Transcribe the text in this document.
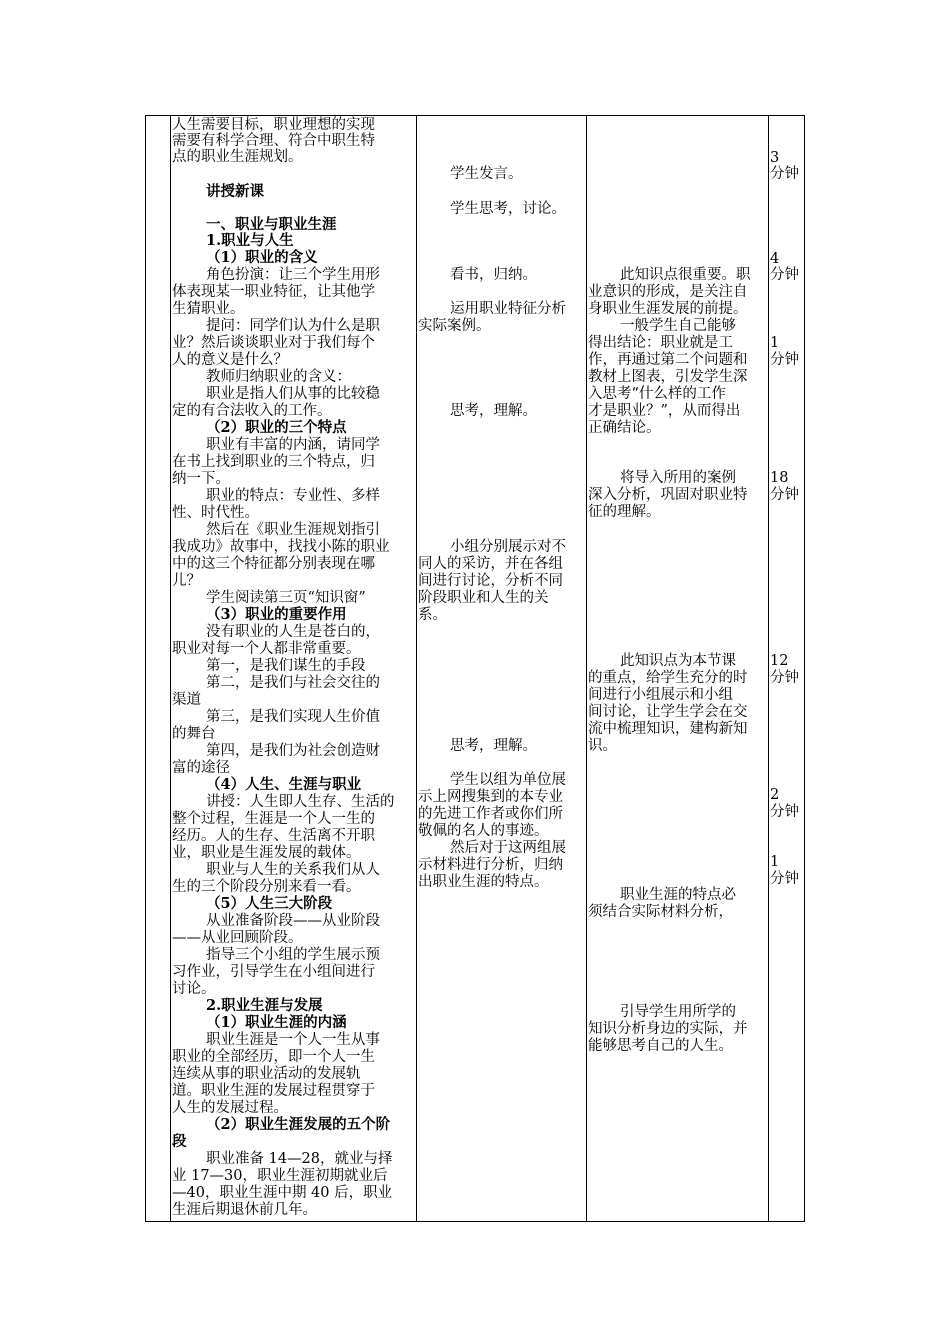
人生需要目标，职业理想的实现
需要有科学合理、符合中职生特
点的职业生涯规划。
讲授新课
一、职业与职业生涯
1.职业与人生
（1）职业的含义
角色扮演：让三个学生用形
体表现某一职业特征，让其他学
生猜职业。
提问：同学们认为什么是职
业？然后谈谈职业对于我们每个
人的意义是什么？
教师归纳职业的含义：
职业是指人们从事的比较稳
定的有合法收入的工作。
（2）职业的三个特点
职业有丰富的内涵，请同学
在书上找到职业的三个特点，归
纳一下。
职业的特点：专业性、多样
性、时代性。
然后在《职业生涯规划指引
我成功》故事中，找找小陈的职业
中的这三个特征都分别表现在哪
儿？
学生阅读第三页“知识窗”
（3）职业的重要作用
没有职业的人生是苍白的，
职业对每一个人都非常重要。
第一，是我们谋生的手段
第二，是我们与社会交往的
渠道
第三，是我们实现人生价值
的舞台
第四，是我们为社会创造财
富的途径
（4）人生、生涯与职业
讲授：人生即人生存、生活的
整个过程，生涯是一个人一生的
经历。人的生存、生活离不开职
业，职业是生涯发展的载体。
职业与人生的关系我们从人
生的三个阶段分别来看一看。
（5）人生三大阶段
从业准备阶段——从业阶段
——从业回顾阶段。
指导三个小组的学生展示预
习作业，引导学生在小组间进行
讨论。
2.职业生涯与发展
（1）职业生涯的内涵
职业生涯是一个人一生从事
职业的全部经历，即一个人一生
连续从事的职业活动的发展轨
道。职业生涯的发展过程贯穿于
人生的发展过程。
（2）职业生涯发展的五个阶
段
职业准备 14—28，就业与择
业 17—30，职业生涯初期就业后
—40，职业生涯中期 40 后，职业
生涯后期退休前几年。
学生发言。
学生思考，讨论。
看书，归纳。
运用职业特征分析
实际案例。
思考，理解。
小组分别展示对不
同人的采访，并在各组
间进行讨论，分析不同
阶段职业和人生的关
系。
思考，理解。
学生以组为单位展
示上网搜集到的本专业
的先进工作者或你们所
敬佩的名人的事迹。
然后对于这两组展
示材料进行分析，归纳
出职业生涯的特点。
此知识点很重要。职
业意识的形成，是关注自
身职业生涯发展的前提。
一般学生自己能够
得出结论：职业就是工
作，再通过第二个问题和
教材上图表，引发学生深
入思考“什么样的工作
才是职业？”，从而得出
正确结论。
将导入所用的案例
深入分析，巩固对职业特
征的理解。
此知识点为本节课
的重点，给学生充分的时
间进行小组展示和小组
间讨论，让学生学会在交
流中梳理知识，建构新知
识。
职业生涯的特点必
须结合实际材料分析，
引导学生用所学的
知识分析身边的实际，并
能够思考自己的人生。
3
分钟
4
分钟
1
分钟
18
分钟
12
分钟
2
分钟
1
分钟
